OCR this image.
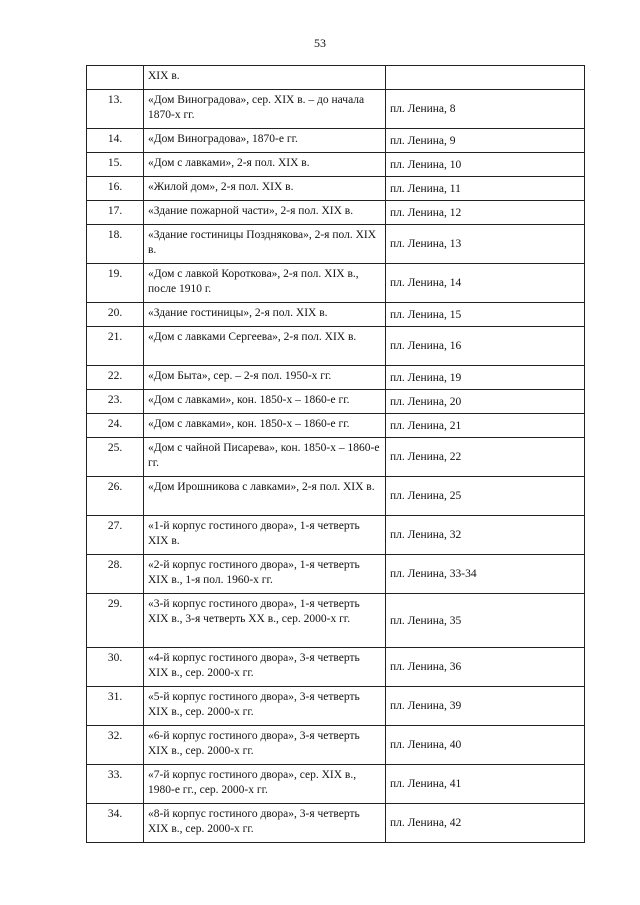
53
	XIX в.	
13.	«Дом Виноградова», сер. XIX в. – до начала 1870-х гг.	пл. Ленина, 8
14.	«Дом Виноградова», 1870-е гг.	пл. Ленина, 9
15.	«Дом с лавками», 2-я пол. XIX в.	пл. Ленина, 10
16.	«Жилой дом», 2-я пол. XIX в.	пл. Ленина, 11
17.	«Здание пожарной части», 2-я пол. XIX в.	пл. Ленина, 12
18.	«Здание гостиницы Позднякова», 2-я пол. XIX в.	пл. Ленина, 13
19.	«Дом с лавкой Короткова», 2-я пол. XIX в., после 1910 г.	пл. Ленина, 14
20.	«Здание гостиницы», 2-я пол. XIX в.	пл. Ленина, 15
21.	«Дом с лавками Сергеева», 2-я пол. XIX в.	пл. Ленина, 16
22.	«Дом Быта», сер. – 2-я пол. 1950-х гг.	пл. Ленина, 19
23.	«Дом с лавками», кон. 1850-х – 1860-е гг.	пл. Ленина, 20
24.	«Дом с лавками», кон. 1850-х – 1860-е гг.	пл. Ленина, 21
25.	«Дом с чайной Писарева», кон. 1850-х – 1860-е гг.	пл. Ленина, 22
26.	«Дом Ирошникова с лавками», 2-я пол. XIX в.	пл. Ленина, 25
27.	«1-й корпус гостиного двора», 1-я четверть XIX в.	пл. Ленина, 32
28.	«2-й корпус гостиного двора», 1-я четверть XIX в., 1-я пол. 1960-х гг.	пл. Ленина, 33-34
29.	«3-й корпус гостиного двора», 1-я четверть XIX в., 3-я четверть XX в., сер. 2000-х гг.	пл. Ленина, 35
30.	«4-й корпус гостиного двора», 3-я четверть XIX в., сер. 2000-х гг.	пл. Ленина, 36
31.	«5-й корпус гостиного двора», 3-я четверть XIX в., сер. 2000-х гг.	пл. Ленина, 39
32.	«6-й корпус гостиного двора», 3-я четверть XIX в., сер. 2000-х гг.	пл. Ленина, 40
33.	«7-й корпус гостиного двора», сер. XIX в., 1980-е гг., сер. 2000-х гг.	пл. Ленина, 41
34.	«8-й корпус гостиного двора», 3-я четверть XIX в., сер. 2000-х гг.	пл. Ленина, 42
